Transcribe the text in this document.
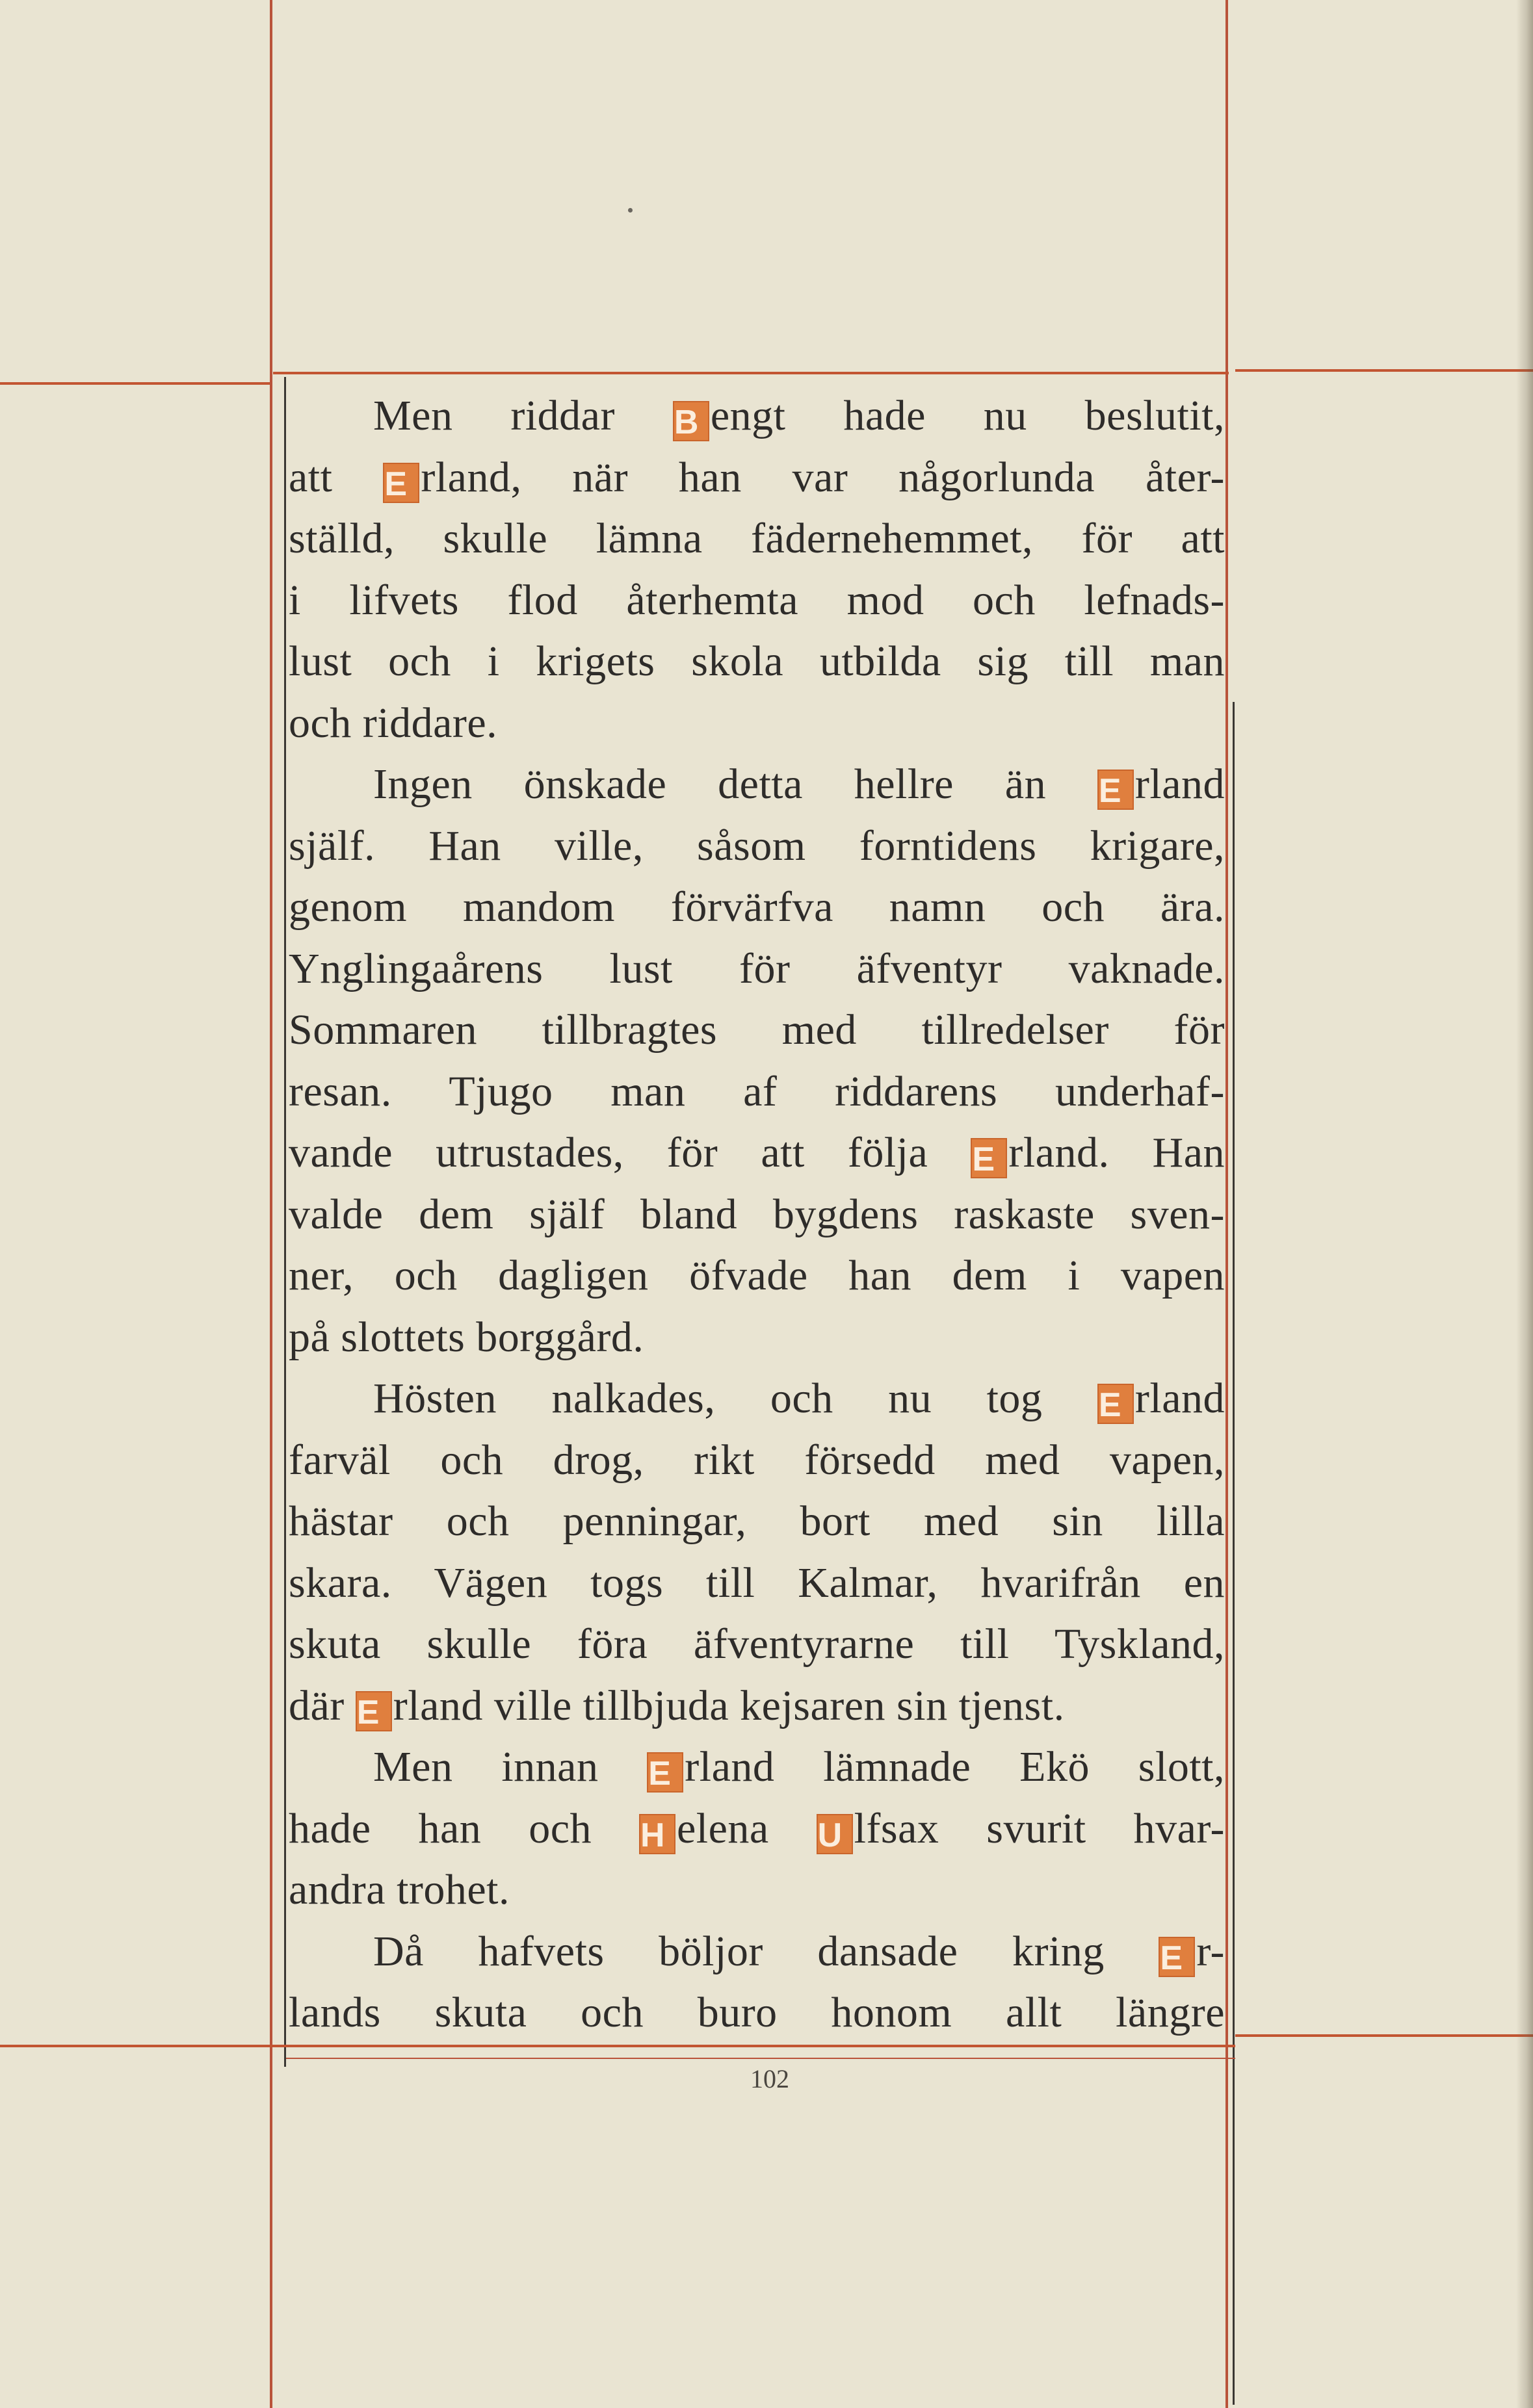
Men riddar B engt hade nu beslutit,
att E rland, när han var någorlunda åter-
ställd, skulle lämna fädernehemmet, för att
i lifvets flod återhemta mod och lefnads-
lust och i krigets skola utbilda sig till man
och riddare.
Ingen önskade detta hellre än E rland
själf. Han ville, såsom forntidens krigare,
genom mandom förvärfva namn och ära.
Ynglingaårens lust för äfventyr vaknade.
Sommaren tillbragtes med tillredelser för
resan. Tjugo man af riddarens underhaf-
vande utrustades, för att följa E rland. Han
valde dem själf bland bygdens raskaste sven-
ner, och dagligen öfvade han dem i vapen
på slottets borggård.
Hösten nalkades, och nu tog E rland
farväl och drog, rikt försedd med vapen,
hästar och penningar, bort med sin lilla
skara. Vägen togs till Kalmar, hvarifrån en
skuta skulle föra äfventyrarne till Tyskland,
där E rland ville tillbjuda kejsaren sin tjenst.
Men innan E rland lämnade Ekö slott,
hade han och H elena U lfsax svurit hvar-
andra trohet.
Då hafvets böljor dansade kring E r-
lands skuta och buro honom allt längre
102
